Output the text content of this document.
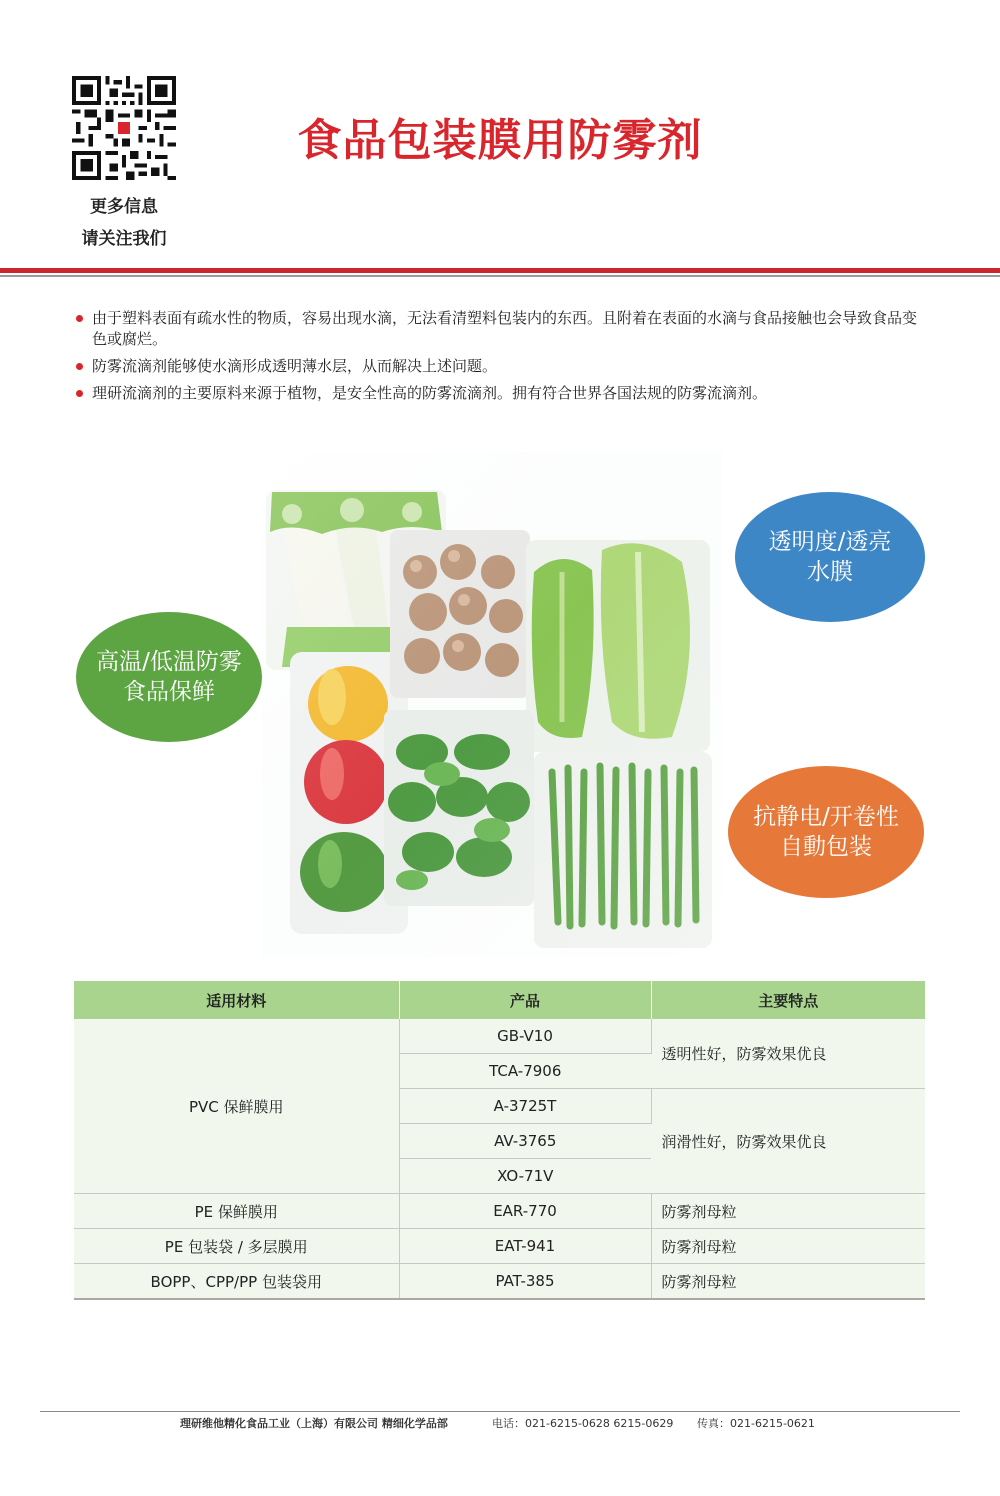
更多信息
请关注我们
食品包装膜用防雾剂
由于塑料表面有疏水性的物质，容易出现水滴，无法看清塑料包装内的东西。且附着在表面的水滴与食品接触也会导致食品变色或腐烂。
防雾流滴剂能够使水滴形成透明薄水层，从而解决上述问题。
理研流滴剂的主要原料来源于植物，是安全性高的防雾流滴剂。拥有符合世界各国法规的防雾流滴剂。
高温/低温防雾
食品保鲜
透明度/透亮
水膜
抗静电/开卷性
自動包装
适用材料	产品	主要特点
PVC 保鲜膜用	GB-V10	透明性好，防雾效果优良
	TCA-7906	
	A-3725T	润滑性好，防雾效果优良
	AV-3765	
	XO-71V	
PE 保鲜膜用	EAR-770	防雾剂母粒
PE 包装袋 / 多层膜用	EAT-941	防雾剂母粒
BOPP、CPP/PP 包装袋用	PAT-385	防雾剂母粒
理研维他精化食品工业（上海）有限公司 精细化学品部	电话：021-6215-0628 6215-0629 传真：021-6215-0621
